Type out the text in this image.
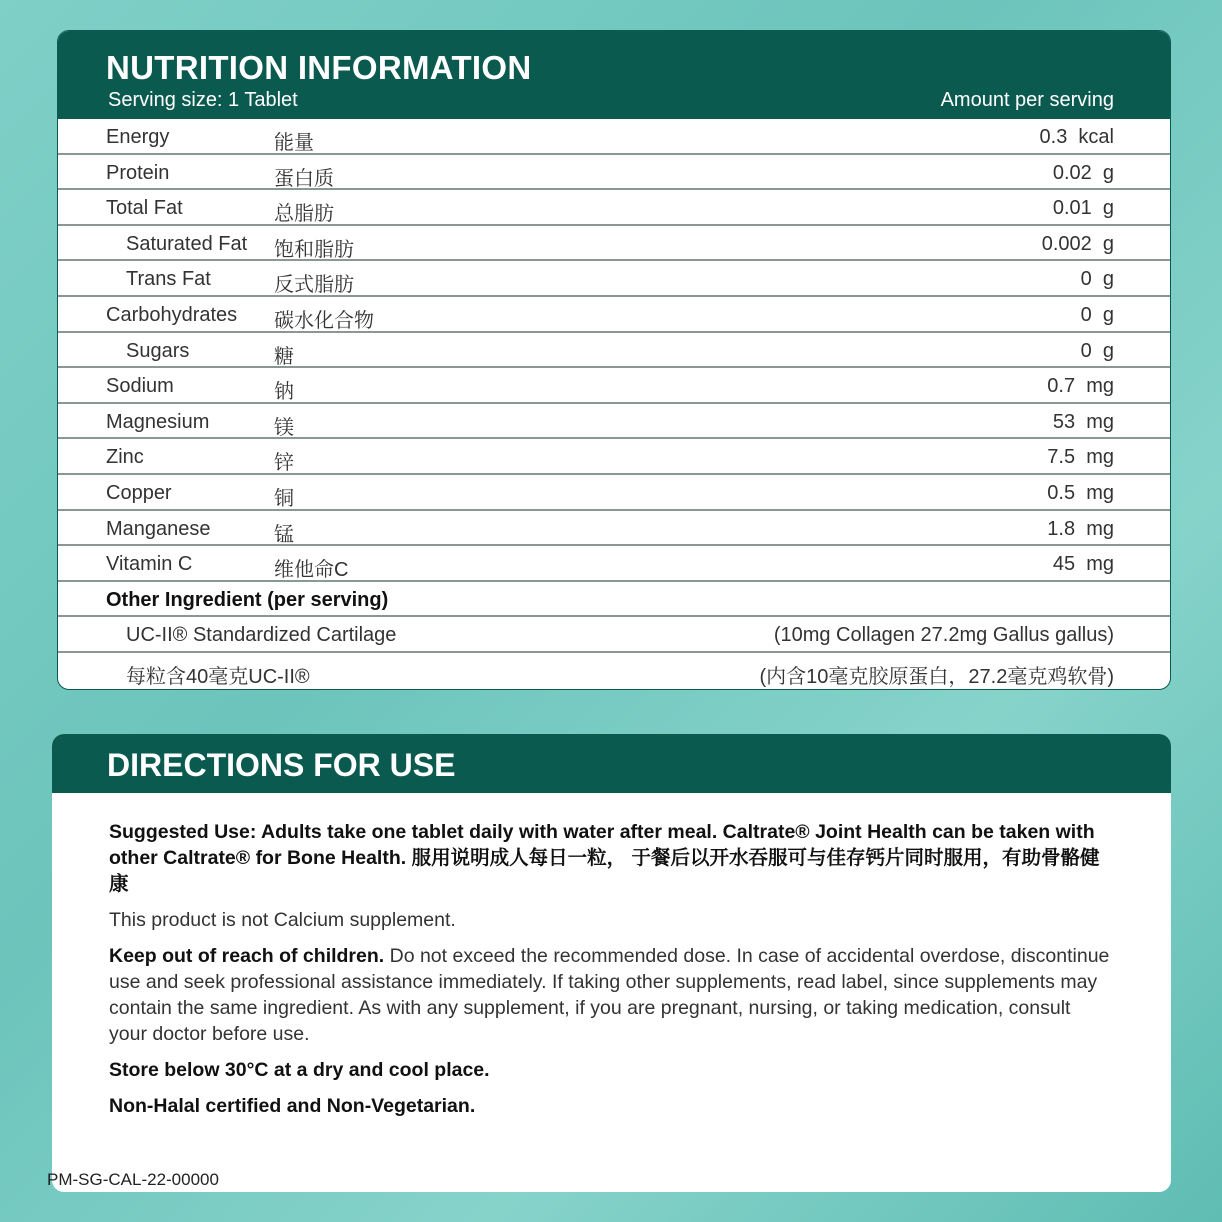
NUTRITION INFORMATION
Serving size: 1 Tablet	Amount per serving
Energy	能量	0.3  kcal
Protein	蛋白质	0.02  g
Total Fat	总脂肪	0.01  g
Saturated Fat 饱和脂肪	0.002  g
Trans Fat	反式脂肪	0  g
Carbohydrates 碳水化合物	0  g
Sugars	糖	0  g
Sodium	钠	0.7  mg
Magnesium	镁	53  mg
Zinc	锌	7.5  mg
Copper	铜	0.5  mg
Manganese	锰	1.8  mg
Vitamin C	维他命C	45  mg
Other Ingredient (per serving)
UC-II® Standardized Cartilage	(10mg Collagen 27.2mg Gallus gallus)
每粒含40毫克UC-II®	(内含10毫克胶原蛋白，27.2毫克鸡软骨)
DIRECTIONS FOR USE

Suggested Use: Adults take one tablet daily with water after meal. Caltrate® Joint Health can be taken with other Caltrate® for Bone Health. 服用说明成人每日一粒， 于餐后以开水吞服可与佳存钙片同时服用，有助骨骼健康

This product is not Calcium supplement.

Keep out of reach of children. Do not exceed the recommended dose. In case of accidental overdose, discontinue use and seek professional assistance immediately. If taking other supplements, read label, since supplements may contain the same ingredient. As with any supplement, if you are pregnant, nursing, or taking medication, consult your doctor before use.

Store below 30°C at a dry and cool place.

Non-Halal certified and Non-Vegetarian.

PM-SG-CAL-22-00000
